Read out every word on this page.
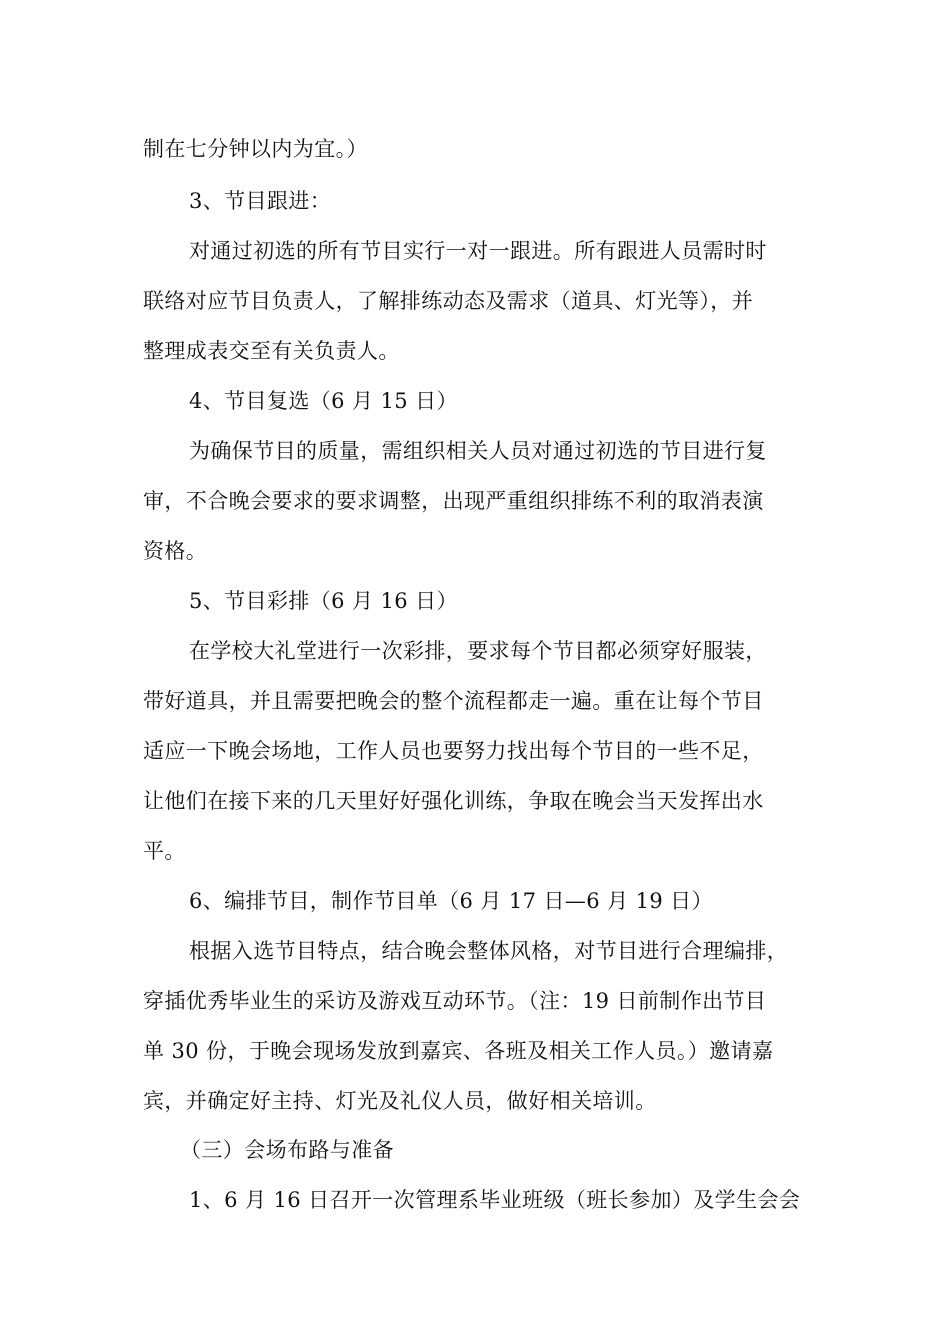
制在七分钟以内为宜。）
3、节目跟进：
对通过初选的所有节目实行一对一跟进。所有跟进人员需时时
联络对应节目负责人，了解排练动态及需求（道具、灯光等），并
整理成表交至有关负责人。
4、节目复选（6 月 15 日）
为确保节目的质量，需组织相关人员对通过初选的节目进行复
审，不合晚会要求的要求调整，出现严重组织排练不利的取消表演
资格。
5、节目彩排（6 月 16 日）
在学校大礼堂进行一次彩排，要求每个节目都必须穿好服装，
带好道具，并且需要把晚会的整个流程都走一遍。重在让每个节目
适应一下晚会场地，工作人员也要努力找出每个节目的一些不足，
让他们在接下来的几天里好好强化训练，争取在晚会当天发挥出水
平。
6、编排节目，制作节目单（6 月 17 日—6 月 19 日）
根据入选节目特点，结合晚会整体风格，对节目进行合理编排，
穿插优秀毕业生的采访及游戏互动环节。（注：19 日前制作出节目
单 30 份，于晚会现场发放到嘉宾、各班及相关工作人员。）邀请嘉
宾，并确定好主持、灯光及礼仪人员，做好相关培训。
（三）会场布路与准备
1、6 月 16 日召开一次管理系毕业班级（班长参加）及学生会会
